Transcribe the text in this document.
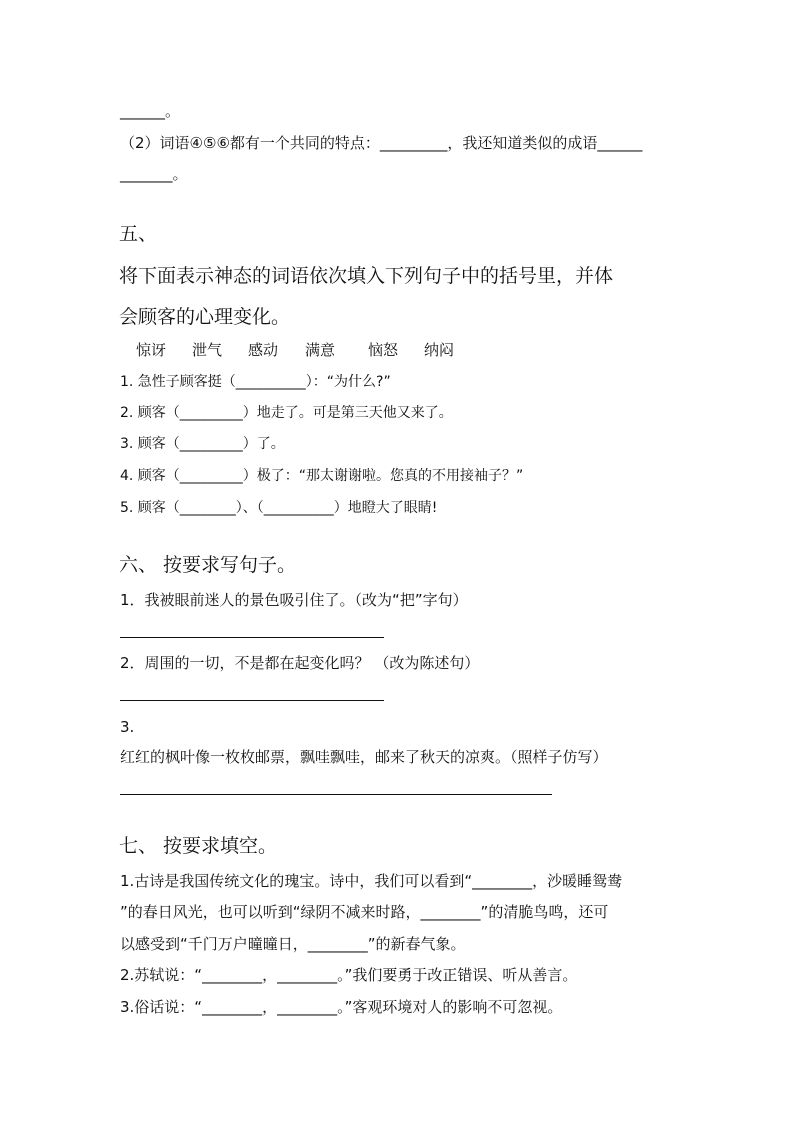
______。
（2）词语④⑤⑥都有一个共同的特点：_________，我还知道类似的成语______
_______。
五、
将下面表示神态的词语依次填入下列句子中的括号里，并体
会顾客的心理变化。
惊讶 泄气 感动 满意 恼怒 纳闷
1. 急性子顾客挺（__________）：“为什么?”
2. 顾客（_________）地走了。可是第三天他又来了。
3. 顾客（_________）了。
4. 顾客（_________）极了：“那太谢谢啦。您真的不用接袖子？”
5. 顾客（________）、（__________）地瞪大了眼睛!
六、 按要求写句子。
1．我被眼前迷人的景色吸引住了。（改为“把”字句）
2．周围的一切，不是都在起变化吗？ （改为陈述句）
3.
红红的枫叶像一枚枚邮票，飘哇飘哇，邮来了秋天的凉爽。（照样子仿写）
七、 按要求填空。
1.古诗是我国传统文化的瑰宝。诗中，我们可以看到“________，沙暖睡鸳鸯
”的春日风光，也可以听到“绿阴不减来时路，________”的清脆鸟鸣，还可
以感受到“千门万户曈曈日，________”的新春气象。
2.苏轼说：“________，________。”我们要勇于改正错误、听从善言。
3.俗话说：“________，________。”客观环境对人的影响不可忽视。
